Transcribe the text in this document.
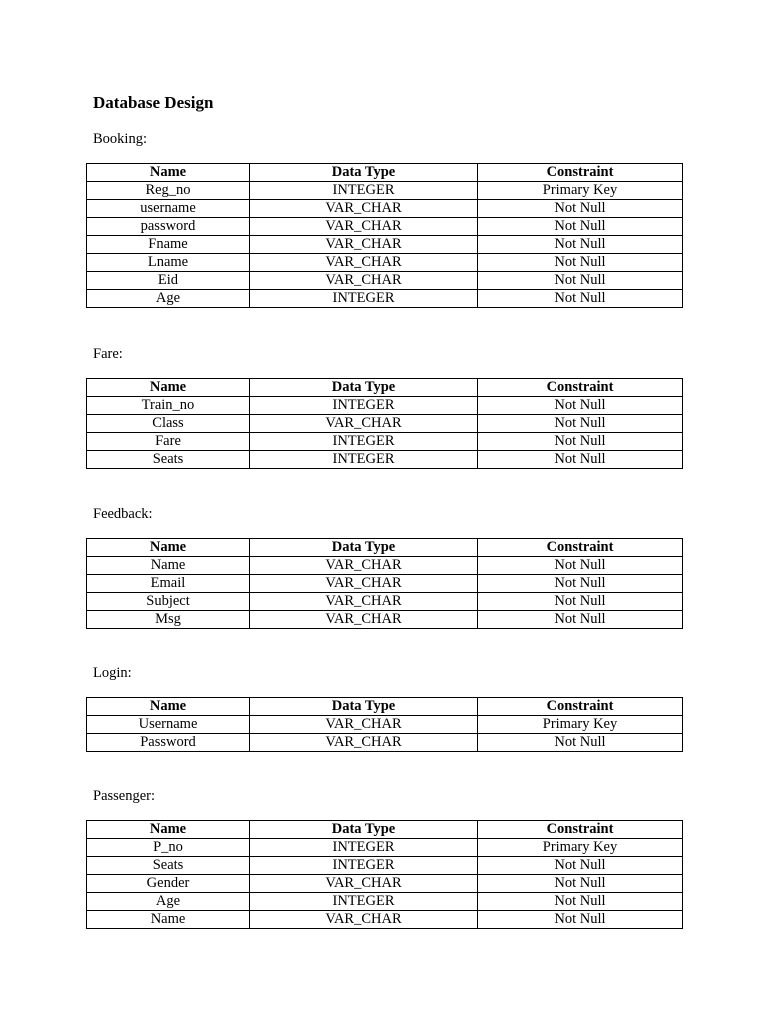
Database Design
Booking:
Name	Data Type	Constraint
Reg_no	INTEGER	Primary Key
username	VAR_CHAR	Not Null
password	VAR_CHAR	Not Null
Fname	VAR_CHAR	Not Null
Lname	VAR_CHAR	Not Null
Eid	VAR_CHAR	Not Null
Age	INTEGER	Not Null
Fare:
Name	Data Type	Constraint
Train_no	INTEGER	Not Null
Class	VAR_CHAR	Not Null
Fare	INTEGER	Not Null
Seats	INTEGER	Not Null
Feedback:
Name	Data Type	Constraint
Name	VAR_CHAR	Not Null
Email	VAR_CHAR	Not Null
Subject	VAR_CHAR	Not Null
Msg	VAR_CHAR	Not Null
Login:
Name	Data Type	Constraint
Username	VAR_CHAR	Primary Key
Password	VAR_CHAR	Not Null
Passenger:
Name	Data Type	Constraint
P_no	INTEGER	Primary Key
Seats	INTEGER	Not Null
Gender	VAR_CHAR	Not Null
Age	INTEGER	Not Null
Name	VAR_CHAR	Not Null
